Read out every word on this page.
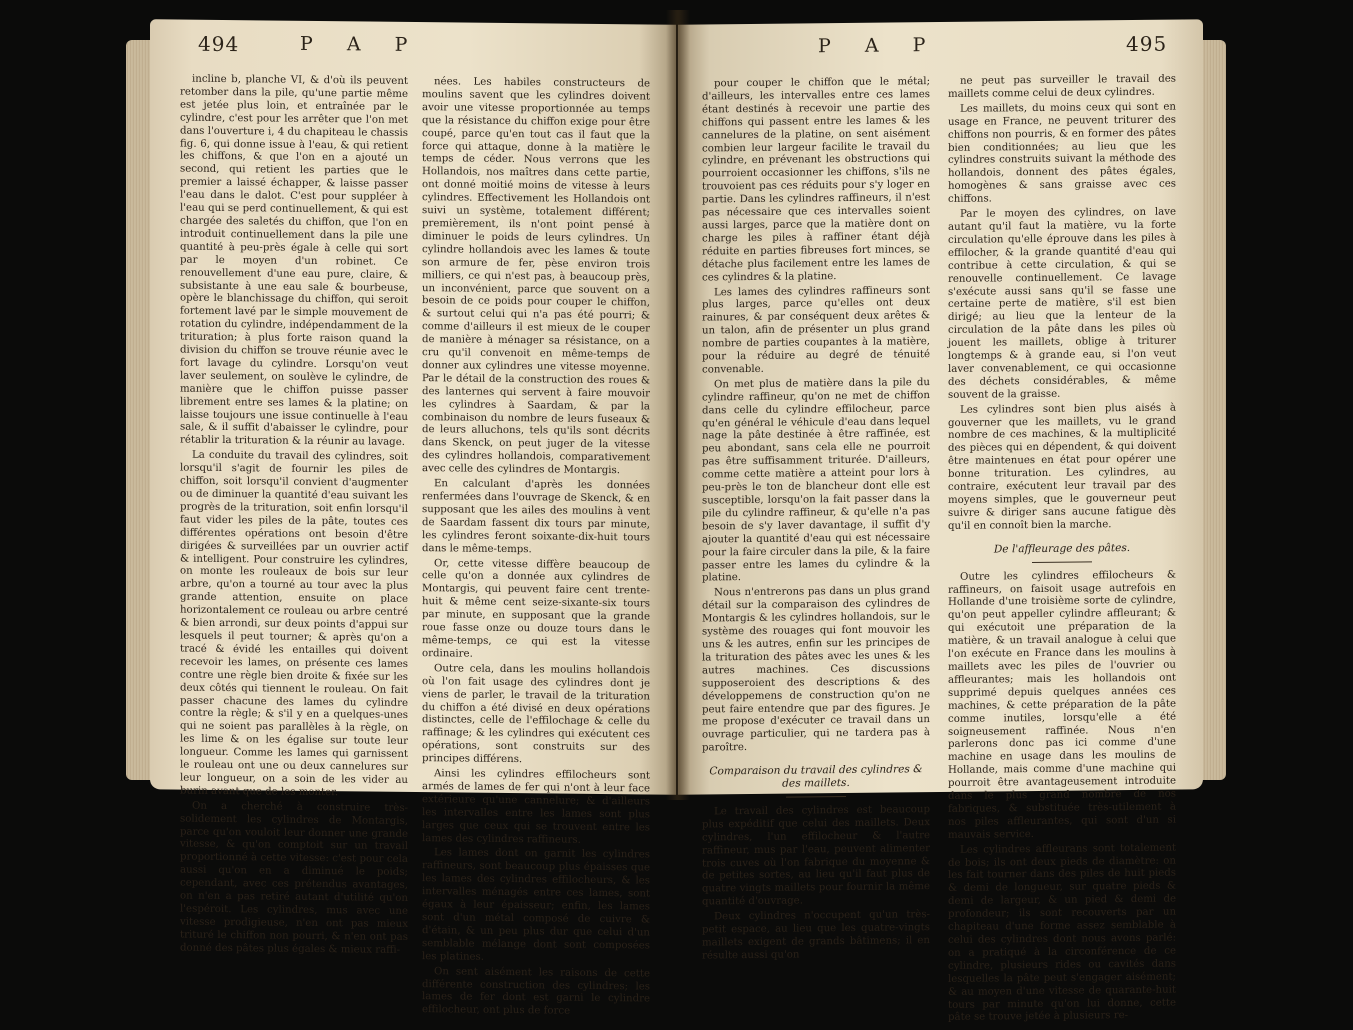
494	P A P

incline b, planche VI, & d'où ils peuvent retomber dans la pile, qu'une partie même est jetée plus loin, et entraînée par le cylindre, c'est pour les arrêter que l'on met dans l'ouverture i, 4 du chapiteau le chassis fig. 6, qui donne issue à l'eau, & qui retient les chiffons, & que l'on en a ajouté un second, qui retient les parties que le premier a laissé échapper, & laisse passer l'eau dans le dalot. C'est pour suppléer à l'eau qui se perd continuellement, & qui est chargée des saletés du chiffon, que l'on en introduit continuellement dans la pile une quantité à peu-près égale à celle qui sort par le moyen d'un robinet. Ce renouvellement d'une eau pure, claire, & subsistante à une eau sale & bourbeuse, opère le blanchissage du chiffon, qui seroit fortement lavé par le simple mouvement de rotation du cylindre, indépendamment de la trituration; à plus forte raison quand la division du chiffon se trouve réunie avec le fort lavage du cylindre. Lorsqu'on veut laver seulement, on soulève le cylindre, de manière que le chiffon puisse passer librement entre ses lames & la platine; on laisse toujours une issue continuelle à l'eau sale, & il suffit d'abaisser le cylindre, pour rétablir la trituration & la réunir au lavage.

La conduite du travail des cylindres, soit lorsqu'il s'agit de fournir les piles de chiffon, soit lorsqu'il convient d'augmenter ou de diminuer la quantité d'eau suivant les progrès de la trituration, soit enfin lorsqu'il faut vider les piles de la pâte, toutes ces différentes opérations ont besoin d'être dirigées & surveillées par un ouvrier actif & intelligent. Pour construire les cylindres, on monte les rouleaux de bois sur leur arbre, qu'on a tourné au tour avec la plus grande attention, ensuite on place horizontalement ce rouleau ou arbre centré & bien arrondi, sur deux points d'appui sur lesquels il peut tourner; & après qu'on a tracé & évidé les entailles qui doivent recevoir les lames, on présente ces lames contre une règle bien droite & fixée sur les deux côtés qui tiennent le rouleau. On fait passer chacune des lames du cylindre contre la règle; & s'il y en a quelques-unes qui ne soient pas parallèles à la règle, on les lime & on les égalise sur toute leur longueur. Comme les lames qui garnissent le rouleau ont une ou deux cannelures sur leur longueur, on a soin de les vider au burin avant que de les monter.

On a cherché à construire très-solidement les cylindres de Montargis, parce qu'on vouloit leur donner une grande vitesse, & qu'on comptoit sur un travail proportionné à cette vitesse: c'est pour cela aussi qu'on en a diminué le poids; cependant, avec ces prétendus avantages, on n'en a pas retiré autant d'utilité qu'on l'espéroit. Les cylindres, mus avec une vitesse prodigieuse, n'en ont pas mieux trituré le chiffon non pourri, & n'en ont pas donné des pâtes plus égales & mieux raffi-

nées. Les habiles constructeurs de moulins savent que les cylindres doivent avoir une vitesse proportionnée au temps que la résistance du chiffon exige pour être coupé, parce qu'en tout cas il faut que la force qui attaque, donne à la matière le temps de céder. Nous verrons que les Hollandois, nos maîtres dans cette partie, ont donné moitié moins de vitesse à leurs cylindres. Effectivement les Hollandois ont suivi un système, totalement différent; premièrement, ils n'ont point pensé à diminuer le poids de leurs cylindres. Un cylindre hollandois avec les lames & toute son armure de fer, pèse environ trois milliers, ce qui n'est pas, à beaucoup près, un inconvénient, parce que souvent on a besoin de ce poids pour couper le chiffon, & surtout celui qui n'a pas été pourri; & comme d'ailleurs il est mieux de le couper de manière à ménager sa résistance, on a cru qu'il convenoit en même-temps de donner aux cylindres une vitesse moyenne. Par le détail de la construction des roues & des lanternes qui servent à faire mouvoir les cylindres à Saardam, & par la combinaison du nombre de leurs fuseaux & de leurs alluchons, tels qu'ils sont décrits dans Skenck, on peut juger de la vitesse des cylindres hollandois, comparativement avec celle des cylindres de Montargis.

En calculant d'après les données renfermées dans l'ouvrage de Skenck, & en supposant que les ailes des moulins à vent de Saardam fassent dix tours par minute, les cylindres feront soixante-dix-huit tours dans le même-temps.

Or, cette vitesse diffère beaucoup de celle qu'on a donnée aux cylindres de Montargis, qui peuvent faire cent trente-huit & même cent seize-sixante-six tours par minute, en supposant que la grande roue fasse onze ou douze tours dans le même-temps, ce qui est la vitesse ordinaire.

Outre cela, dans les moulins hollandois où l'on fait usage des cylindres dont je viens de parler, le travail de la trituration du chiffon a été divisé en deux opérations distinctes, celle de l'effilochage & celle du raffinage; & les cylindres qui exécutent ces opérations, sont construits sur des principes différens.

Ainsi les cylindres effilocheurs sont armés de lames de fer qui n'ont à leur face extérieure qu'une cannelure; & d'ailleurs les intervalles entre les lames sont plus larges que ceux qui se trouvent entre les lames des cylindres raffineurs.

Les lames dont on garnit les cylindres raffineurs, sont beaucoup plus épaisses que les lames des cylindres effilocheurs, & les intervalles ménagés entre ces lames, sont égaux à leur épaisseur; enfin, les lames sont d'un métal composé de cuivre & d'étain, & un peu plus dur que celui d'un semblable mélange dont sont composées les platines.

On sent aisément les raisons de cette différente construction des cylindres; les lames de fer dont est garni le cylindre effilocheur, ont plus de force

P A P	495

pour couper le chiffon que le métal; d'ailleurs, les intervalles entre ces lames étant destinés à recevoir une partie des chiffons qui passent entre les lames & les cannelures de la platine, on sent aisément combien leur largeur facilite le travail du cylindre, en prévenant les obstructions qui pourroient occasionner les chiffons, s'ils ne trouvoient pas ces réduits pour s'y loger en partie. Dans les cylindres raffineurs, il n'est pas nécessaire que ces intervalles soient aussi larges, parce que la matière dont on charge les piles à raffiner étant déjà réduite en parties fibreuses fort minces, se détache plus facilement entre les lames de ces cylindres & la platine.

Les lames des cylindres raffineurs sont plus larges, parce qu'elles ont deux rainures, & par conséquent deux arêtes & un talon, afin de présenter un plus grand nombre de parties coupantes à la matière, pour la réduire au degré de ténuité convenable.

On met plus de matière dans la pile du cylindre raffineur, qu'on ne met de chiffon dans celle du cylindre effilocheur, parce qu'en général le véhicule d'eau dans lequel nage la pâte destinée à être raffinée, est peu abondant, sans cela elle ne pourroit pas être suffisamment triturée. D'ailleurs, comme cette matière a atteint pour lors à peu-près le ton de blancheur dont elle est susceptible, lorsqu'on la fait passer dans la pile du cylindre raffineur, & qu'elle n'a pas besoin de s'y laver davantage, il suffit d'y ajouter la quantité d'eau qui est nécessaire pour la faire circuler dans la pile, & la faire passer entre les lames du cylindre & la platine.

Nous n'entrerons pas dans un plus grand détail sur la comparaison des cylindres de Montargis & les cylindres hollandois, sur le système des rouages qui font mouvoir les uns & les autres, enfin sur les principes de la trituration des pâtes avec les unes & les autres machines. Ces discussions supposeroient des descriptions & des développemens de construction qu'on ne peut faire entendre que par des figures. Je me propose d'exécuter ce travail dans un ouvrage particulier, qui ne tardera pas à paroître.

Comparaison du travail des cylindres & des maillets.

Le travail des cylindres est beaucoup plus expéditif que celui des maillets. Deux cylindres, l'un effilocheur & l'autre raffineur, mus par l'eau, peuvent alimenter trois cuves où l'on fabrique du moyenne & de petites sortes, au lieu qu'il faut plus de quatre vingts maillets pour fournir la même quantité d'ouvrage.

Deux cylindres n'occupent qu'un très-petit espace, au lieu que les quatre-vingts maillets exigent de grands bâtimens; il en résulte aussi qu'on

ne peut pas surveiller le travail des maillets comme celui de deux cylindres.

Les maillets, du moins ceux qui sont en usage en France, ne peuvent triturer des chiffons non pourris, & en former des pâtes bien conditionnées; au lieu que les cylindres construits suivant la méthode des hollandois, donnent des pâtes égales, homogènes & sans graisse avec ces chiffons.

Par le moyen des cylindres, on lave autant qu'il faut la matière, vu la forte circulation qu'elle éprouve dans les piles à effilocher, & la grande quantité d'eau qui contribue à cette circulation, & qui se renouvelle continuellement. Ce lavage s'exécute aussi sans qu'il se fasse une certaine perte de matière, s'il est bien dirigé; au lieu que la lenteur de la circulation de la pâte dans les piles où jouent les maillets, oblige à triturer longtemps & à grande eau, si l'on veut laver convenablement, ce qui occasionne des déchets considérables, & même souvent de la graisse.

Les cylindres sont bien plus aisés à gouverner que les maillets, vu le grand nombre de ces machines, & la multiplicité des pièces qui en dépendent, & qui doivent être maintenues en état pour opérer une bonne trituration. Les cylindres, au contraire, exécutent leur travail par des moyens simples, que le gouverneur peut suivre & diriger sans aucune fatigue dès qu'il en connoît bien la marche.

De l'affleurage des pâtes.

Outre les cylindres effilocheurs & raffineurs, on faisoit usage autrefois en Hollande d'une troisième sorte de cylindre, qu'on peut appeller cylindre affleurant; & qui exécutoit une préparation de la matière, & un travail analogue à celui que l'on exécute en France dans les moulins à maillets avec les piles de l'ouvrier ou affleurantes; mais les hollandois ont supprimé depuis quelques années ces machines, & cette préparation de la pâte comme inutiles, lorsqu'elle a été soigneusement raffinée. Nous n'en parlerons donc pas ici comme d'une machine en usage dans les moulins de Hollande, mais comme d'une machine qui pourroit être avantageusement introduite dans le plus grand nombre de nos fabriques, & substituée très-utilement à nos piles affleurantes, qui sont d'un si mauvais service.

Les cylindres affleurans sont totalement de bois; ils ont deux pieds de diamètre: on les fait tourner dans des piles de huit pieds & demi de longueur, sur quatre pieds & demi de largeur, & un pied & demi de profondeur; ils sont recouverts par un chapiteau d'une forme assez semblable à celui des cylindres dont nous avons parlé: on a pratiqué à la circonférence de ce cylindre, plusieurs rides ou cavités dans lesquelles la pâte peut s'engager aisément; & au moyen d'une vitesse de quarante-huit tours par minute qu'on lui donne, cette pâte se trouve jetée à plusieurs re-
